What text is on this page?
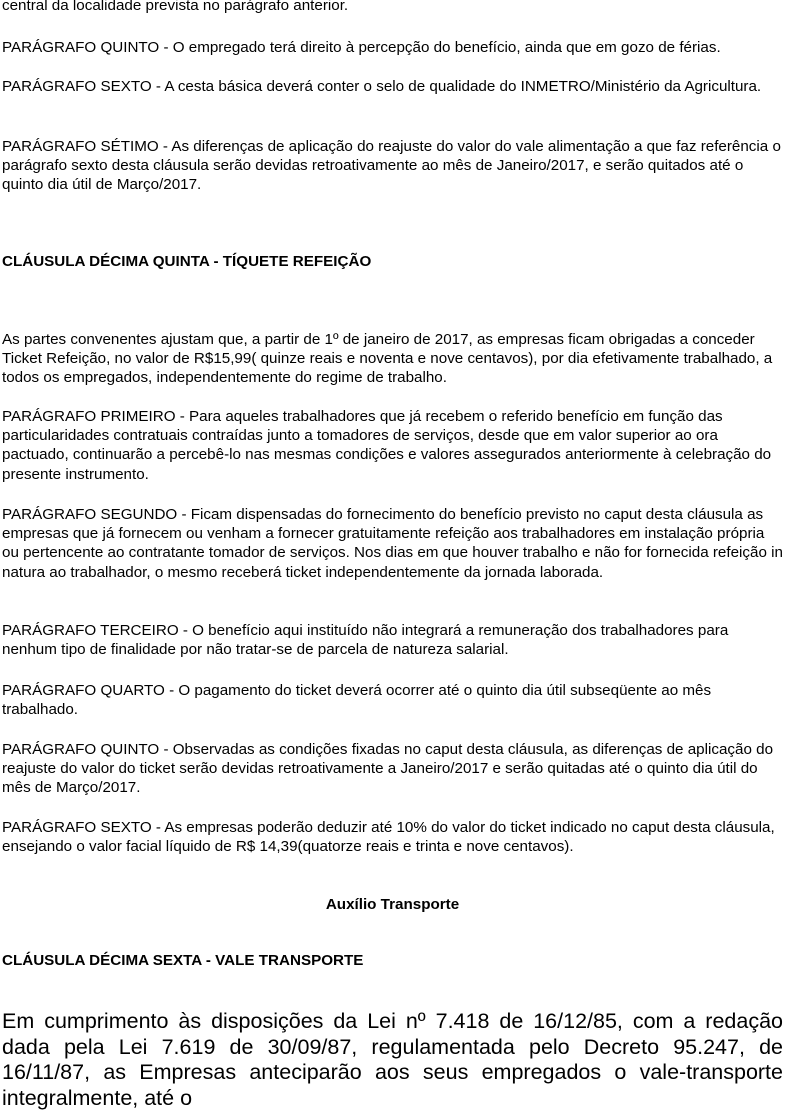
central da localidade prevista no parágrafo anterior.

PARÁGRAFO QUINTO - O empregado terá direito à percepção do benefício, ainda que em gozo de férias.

PARÁGRAFO SEXTO - A cesta básica deverá conter o selo de qualidade do INMETRO/Ministério da Agricultura.

PARÁGRAFO SÉTIMO - As diferenças de aplicação do reajuste do valor do vale alimentação a que faz referência o parágrafo sexto desta cláusula serão devidas retroativamente ao mês de Janeiro/2017, e serão quitados até o quinto dia útil de Março/2017.

CLÁUSULA DÉCIMA QUINTA - TÍQUETE REFEIÇÃO

As partes convenentes ajustam que, a partir de 1º de janeiro de 2017, as empresas ficam obrigadas a conceder Ticket Refeição, no valor de R$15,99( quinze reais e noventa e nove centavos), por dia efetivamente trabalhado, a todos os empregados, independentemente do regime de trabalho.

PARÁGRAFO PRIMEIRO - Para aqueles trabalhadores que já recebem o referido benefício em função das particularidades contratuais contraídas junto a tomadores de serviços, desde que em valor superior ao ora pactuado, continuarão a percebê-lo nas mesmas condições e valores assegurados anteriormente à celebração do presente instrumento.

PARÁGRAFO SEGUNDO - Ficam dispensadas do fornecimento do benefício previsto no caput desta cláusula as empresas que já fornecem ou venham a fornecer gratuitamente refeição aos trabalhadores em instalação própria ou pertencente ao contratante tomador de serviços. Nos dias em que houver trabalho e não for fornecida refeição in natura ao trabalhador, o mesmo receberá ticket independentemente da jornada laborada.

PARÁGRAFO TERCEIRO - O benefício aqui instituído não integrará a remuneração dos trabalhadores para nenhum tipo de finalidade por não tratar-se de parcela de natureza salarial.

PARÁGRAFO QUARTO - O pagamento do ticket deverá ocorrer até o quinto dia útil subseqüente ao mês trabalhado.

PARÁGRAFO QUINTO - Observadas as condições fixadas no caput desta cláusula, as diferenças de aplicação do reajuste do valor do ticket serão devidas retroativamente a Janeiro/2017 e serão quitadas até o quinto dia útil do mês de Março/2017.

PARÁGRAFO SEXTO - As empresas poderão deduzir até 10% do valor do ticket indicado no caput desta cláusula, ensejando o valor facial líquido de R$ 14,39(quatorze reais e trinta e nove centavos).

Auxílio Transporte
CLÁUSULA DÉCIMA SEXTA - VALE TRANSPORTE

Em cumprimento às disposições da Lei nº 7.418 de 16/12/85, com a redação dada pela Lei 7.619 de 30/09/87, regulamentada pelo Decreto 95.247, de 16/11/87, as Empresas anteciparão aos seus empregados o vale-transporte integralmente, até o
